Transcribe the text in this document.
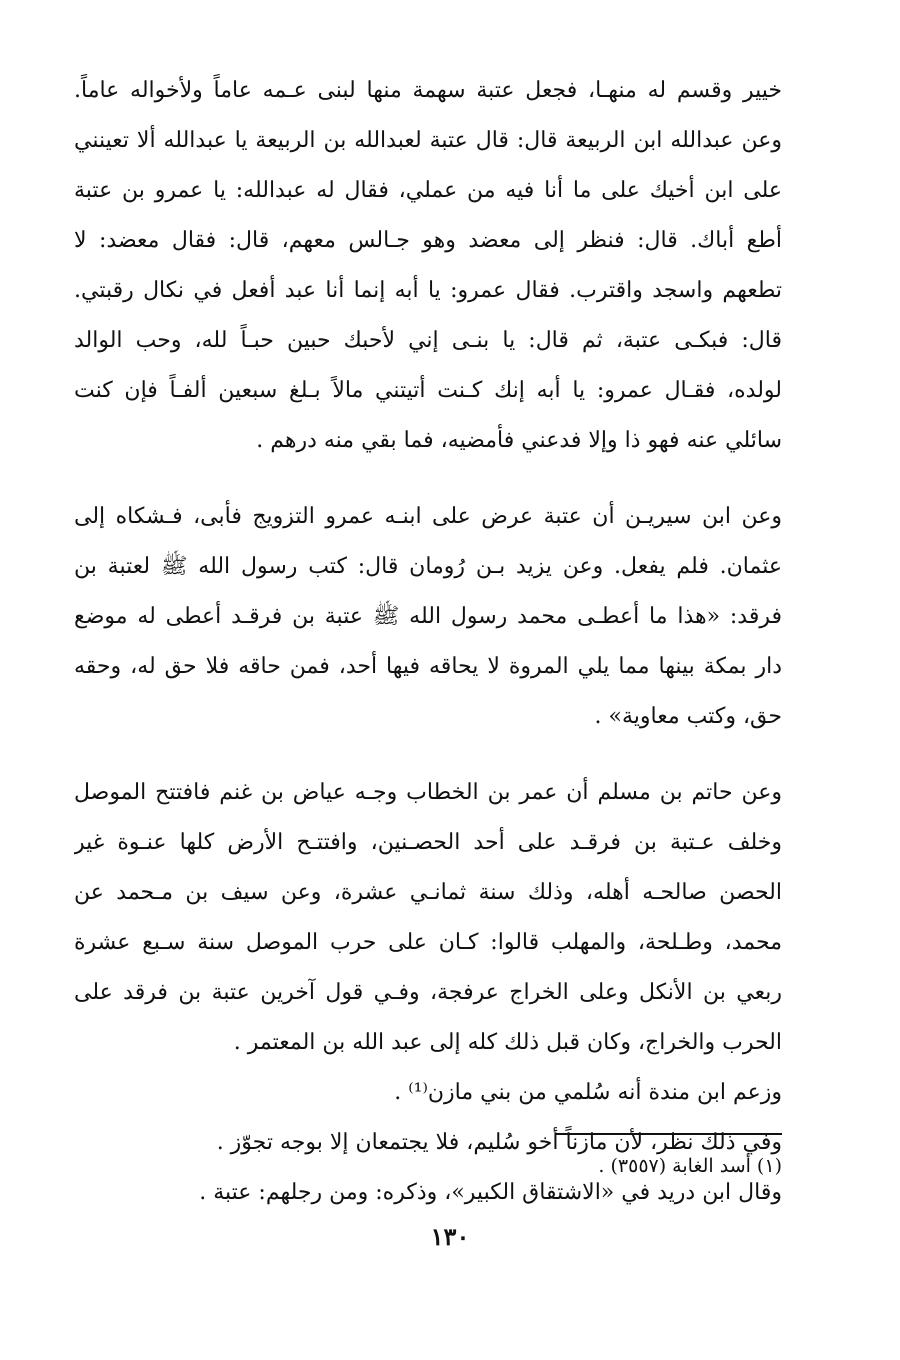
خيير وقسم له منهـا، فجعل عتبة سهمة منها لبنى عـمه عاماً ولأخواله عاماً.
وعن عبدالله ابن الربيعة قال: قال عتبة لعبدالله بن الربيعة يا عبدالله ألا تعينني
على ابن أخيك على ما أنا فيه من عملي، فقال له عبدالله: يا عمرو بن عتبة
أطع أباك. قال: فنظر إلى معضد وهو جـالس معهم، قال: فقال معضد: لا
تطعهم واسجد واقترب. فقال عمرو: يا أبه إنما أنا عبد أفعل في نكال رقبتي.
قال: فبكـى عتبة، ثم قال: يا بنـى إني لأحبك حبين حبـاً لله، وحب الوالد
لولده، فقـال عمرو: يا أبه إنك كـنت أتيتني مالاً بـلغ سبعين ألفـاً فإن كنت
سائلي عنه فهو ذا وإلا فدعني فأمضيه، فما بقي منه درهم .
وعن ابن سيريـن أن عتبة عرض على ابنـه عمرو التزويج فأبى، فـشكاه إلى
عثمان. فلم يفعل. وعن يزيد بـن رُومان قال: كتب رسول الله ﷺ لعتبة بن
فرقد: «هذا ما أعطـى محمد رسول الله ﷺ عتبة بن فرقـد أعطى له موضع
دار بمكة بينها مما يلي المروة لا يحاقه فيها أحد، فمن حاقه فلا حق له، وحقه
حق، وكتب معاوية» .
وعن حاتم بن مسلم أن عمر بن الخطاب وجـه عياض بن غنم فافتتح الموصل
وخلف عـتبة بن فرقـد على أحد الحصـنين، وافتتـح الأرض كلها عنـوة غير
الحصن صالحـه أهله، وذلك سنة ثمانـي عشرة، وعن سيف بن مـحمد عن
محمد، وطـلحة، والمهلب قالوا: كـان على حرب الموصل سنة سـبع عشرة
ربعي بن الأنكل وعلى الخراج عرفجة، وفـي قول آخرين عتبة بن فرقد على
الحرب والخراج، وكان قبل ذلك كله إلى عبد الله بن المعتمر .
وزعم ابن مندة أنه سُلمي من بني مازن⁽¹⁾ .
وفي ذلك نظر، لأن مازناً أخو سُليم، فلا يجتمعان إلا بوجه تجوّز .
وقال ابن دريد في «الاشتقاق الكبير»، وذكره: ومن رجلهم: عتبة .
(١) أسد الغابة (٣٥٥٧) .
١٣٠
